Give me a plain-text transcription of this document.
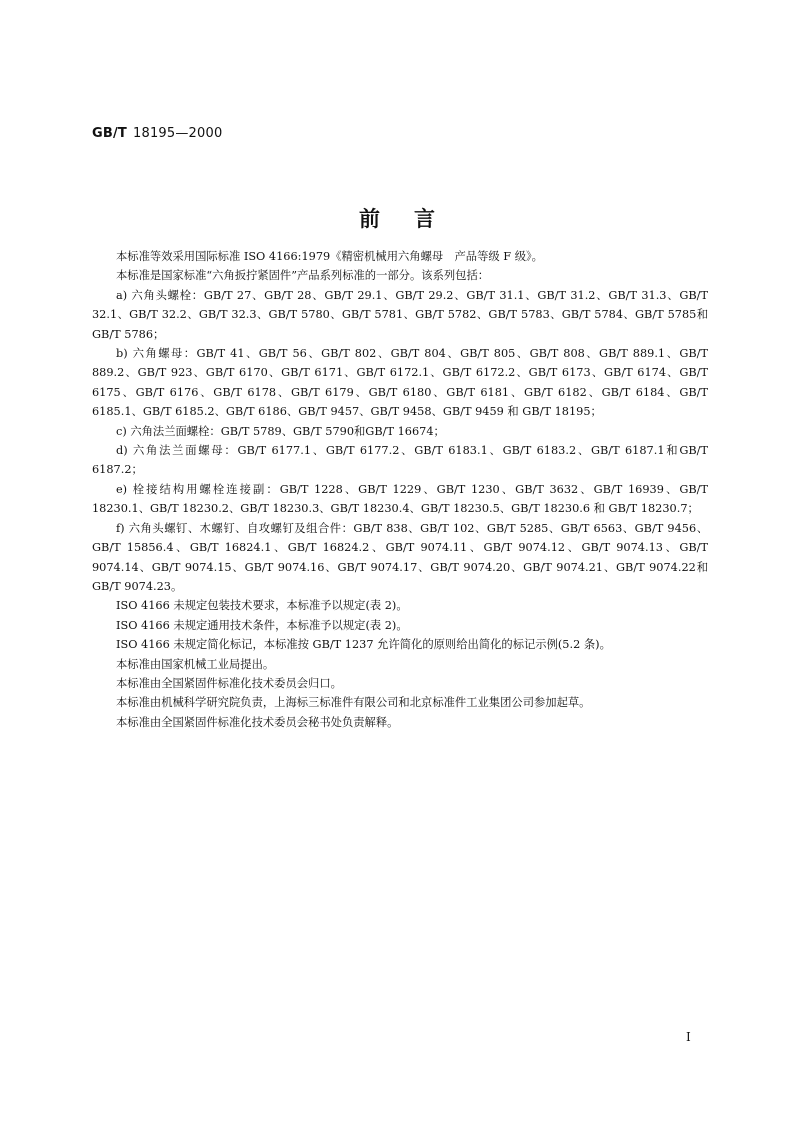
GB/T 18195—2000
前言

本标准等效采用国际标准 ISO 4166:1979《精密机械用六角螺母　产品等级 F 级》。

本标准是国家标准“六角扳拧紧固件”产品系列标准的一部分。该系列包括：

a) 六角头螺栓：GB/T 27、GB/T 28、GB/T 29.1、GB/T 29.2、GB/T 31.1、GB/T 31.2、GB/T 31.3、GB/T 32.1、GB/T 32.2、GB/T 32.3、GB/T 5780、GB/T 5781、GB/T 5782、GB/T 5783、GB/T 5784、GB/T 5785和GB/T 5786；

b) 六角螺母：GB/T 41、GB/T 56、GB/T 802、GB/T 804、GB/T 805、GB/T 808、GB/T 889.1、GB/T 889.2、GB/T 923、GB/T 6170、GB/T 6171、GB/T 6172.1、GB/T 6172.2、GB/T 6173、GB/T 6174、GB/T 6175、GB/T 6176、GB/T 6178、GB/T 6179、GB/T 6180、GB/T 6181、GB/T 6182、GB/T 6184、GB/T 6185.1、GB/T 6185.2、GB/T 6186、GB/T 9457、GB/T 9458、GB/T 9459 和 GB/T 18195；

c) 六角法兰面螺栓：GB/T 5789、GB/T 5790和GB/T 16674；

d) 六角法兰面螺母：GB/T 6177.1、GB/T 6177.2、GB/T 6183.1、GB/T 6183.2、GB/T 6187.1和GB/T 6187.2；

e) 栓接结构用螺栓连接副：GB/T 1228、GB/T 1229、GB/T 1230、GB/T 3632、GB/T 16939、GB/T 18230.1、GB/T 18230.2、GB/T 18230.3、GB/T 18230.4、GB/T 18230.5、GB/T 18230.6 和 GB/T 18230.7；

f) 六角头螺钉、木螺钉、自攻螺钉及组合件：GB/T 838、GB/T 102、GB/T 5285、GB/T 6563、GB/T 9456、GB/T 15856.4、GB/T 16824.1、GB/T 16824.2、GB/T 9074.11、GB/T 9074.12、GB/T 9074.13、GB/T 9074.14、GB/T 9074.15、GB/T 9074.16、GB/T 9074.17、GB/T 9074.20、GB/T 9074.21、GB/T 9074.22和GB/T 9074.23。

ISO 4166 未规定包装技术要求，本标准予以规定(表 2)。

ISO 4166 未规定通用技术条件，本标准予以规定(表 2)。

ISO 4166 未规定简化标记，本标准按 GB/T 1237 允许简化的原则给出简化的标记示例(5.2 条)。

本标准由国家机械工业局提出。

本标准由全国紧固件标准化技术委员会归口。

本标准由机械科学研究院负责，上海标三标准件有限公司和北京标准件工业集团公司参加起草。

本标准由全国紧固件标准化技术委员会秘书处负责解释。

I
